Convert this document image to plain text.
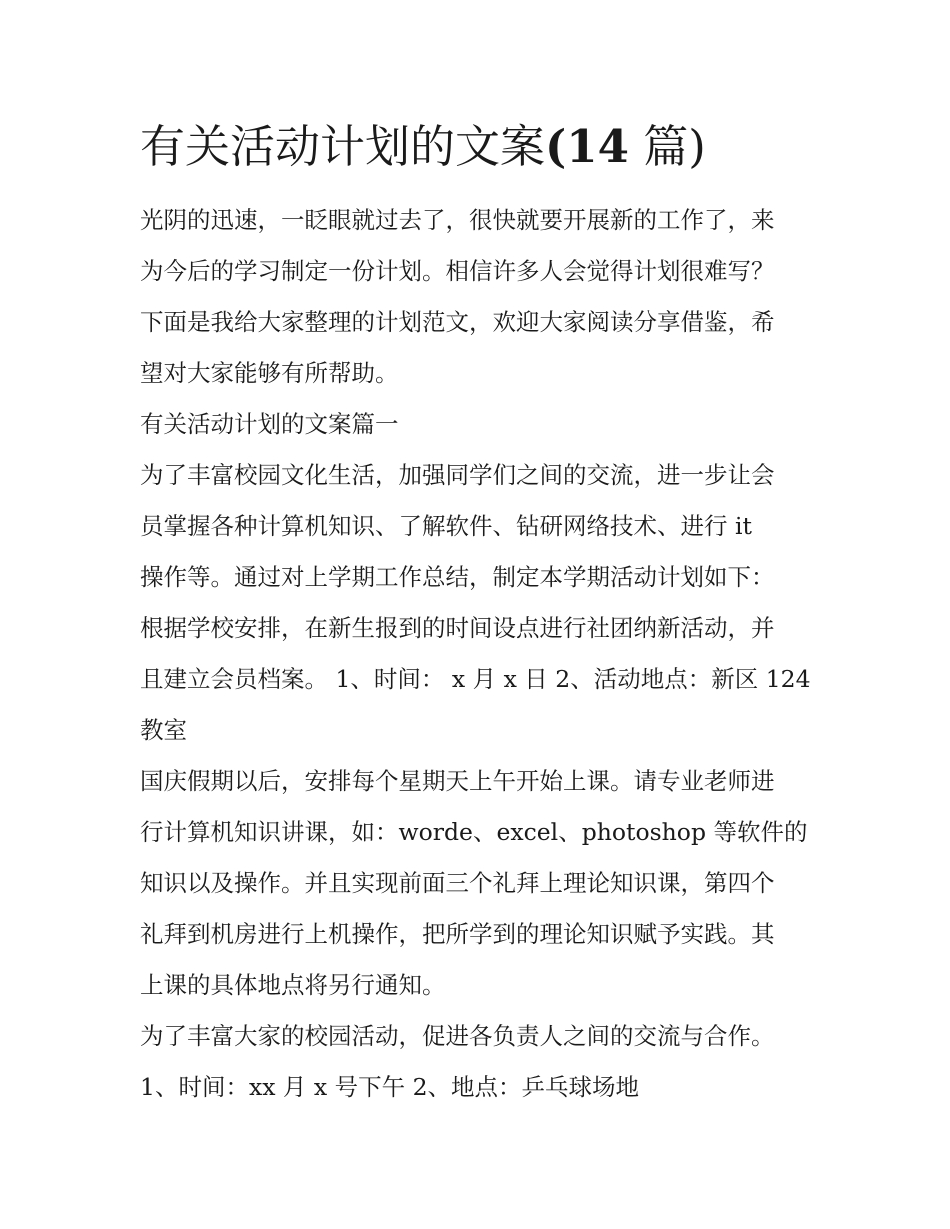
有关活动计划的文案(14 篇)

光阴的迅速，一眨眼就过去了，很快就要开展新的工作了，来

为今后的学习制定一份计划。相信许多人会觉得计划很难写？

下面是我给大家整理的计划范文，欢迎大家阅读分享借鉴，希

望对大家能够有所帮助。

有关活动计划的文案篇一

为了丰富校园文化生活，加强同学们之间的交流，进一步让会

员掌握各种计算机知识、了解软件、钻研网络技术、进行 it

操作等。通过对上学期工作总结，制定本学期活动计划如下：

根据学校安排，在新生报到的时间设点进行社团纳新活动，并

且建立会员档案。 1、时间： x 月 x 日 2、活动地点：新区 124

教室

国庆假期以后，安排每个星期天上午开始上课。请专业老师进

行计算机知识讲课，如：worde、excel、photoshop 等软件的

知识以及操作。并且实现前面三个礼拜上理论知识课，第四个

礼拜到机房进行上机操作，把所学到的理论知识赋予实践。其

上课的具体地点将另行通知。

为了丰富大家的校园活动，促进各负责人之间的交流与合作。

1、时间：xx 月 x 号下午 2、地点：乒乓球场地
